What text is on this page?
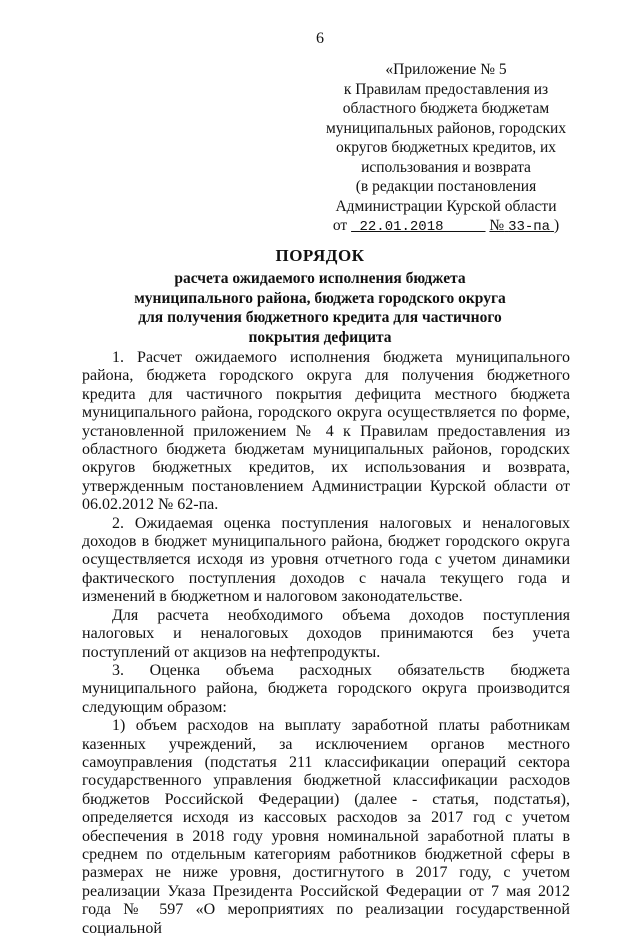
6
«Приложение № 5
к Правилам предоставления из
областного бюджета бюджетам
муниципальных районов, городских
округов бюджетных кредитов, их
использования и возврата
(в редакции постановления
Администрации Курской области
от 22.01.2018	№ 33-па )
ПОРЯДОК
расчета ожидаемого исполнения бюджета
муниципального района, бюджета городского округа
для получения бюджетного кредита для частичного
покрытия дефицита

1. Расчет ожидаемого исполнения бюджета муниципального района, бюджета городского округа для получения бюджетного кредита для частичного покрытия дефицита местного бюджета муниципального района, городского округа осуществляется по форме, установленной приложением № 4 к Правилам предоставления из областного бюджета бюджетам муниципальных районов, городских округов бюджетных кредитов, их использования и возврата, утвержденным постановлением Администрации Курской области от 06.02.2012 № 62-па.

2. Ожидаемая оценка поступления налоговых и неналоговых доходов в бюджет муниципального района, бюджет городского округа осуществляется исходя из уровня отчетного года с учетом динамики фактического поступления доходов с начала текущего года и изменений в бюджетном и налоговом законодательстве.

Для расчета необходимого объема доходов поступления налоговых и неналоговых доходов принимаются без учета поступлений от акцизов на нефтепродукты.

3. Оценка объема расходных обязательств бюджета муниципального района, бюджета городского округа производится следующим образом:

1) объем расходов на выплату заработной платы работникам казенных учреждений, за исключением органов местного самоуправления (подстатья 211 классификации операций сектора государственного управления бюджетной классификации расходов бюджетов Российской Федерации) (далее - статья, подстатья), определяется исходя из кассовых расходов за 2017 год с учетом обеспечения в 2018 году уровня номинальной заработной платы в среднем по отдельным категориям работников бюджетной сферы в размерах не ниже уровня, достигнутого в 2017 году, с учетом реализации Указа Президента Российской Федерации от 7 мая 2012 года № 597 «О мероприятиях по реализации государственной социальной
